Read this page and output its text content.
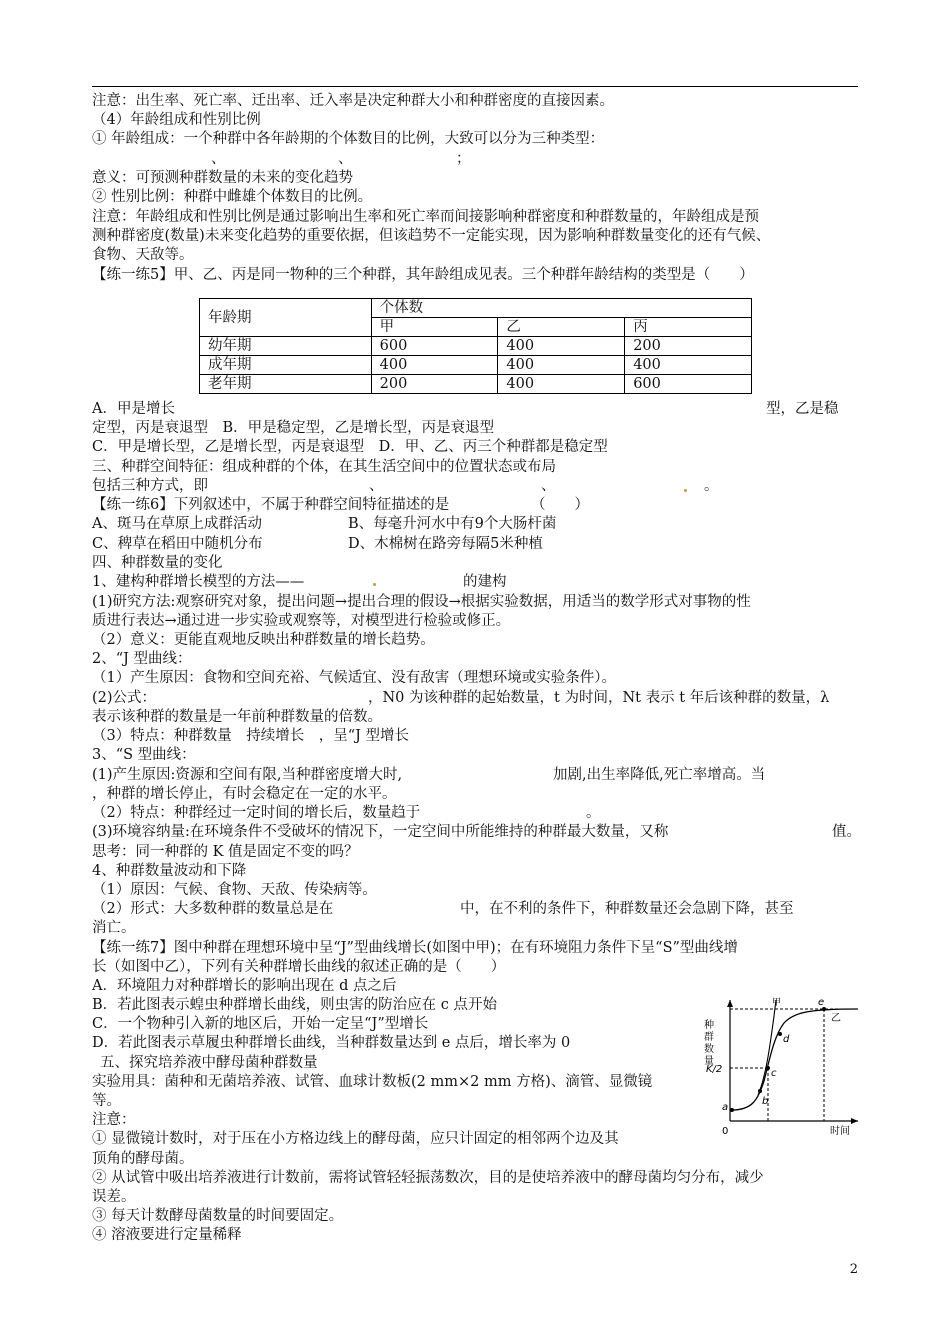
注意：出生率、死亡率、迁出率、迁入率是决定种群大小和种群密度的直接因素。
（4）年龄组成和性别比例
① 年龄组成：一个种群中各年龄期的个体数目的比例，大致可以分为三种类型：
、	、	；
意义：可预测种群数量的未来的变化趋势
② 性别比例：种群中雌雄个体数目的比例。
注意：年龄组成和性别比例是通过影响出生率和死亡率而间接影响种群密度和种群数量的，年龄组成是预
测种群密度(数量)未来变化趋势的重要依据，但该趋势不一定能实现，因为影响种群数量变化的还有气候、
食物、天敌等。
【练一练5】甲、乙、丙是同一物种的三个种群，其年龄组成见表。三个种群年龄结构的类型是（　　）
年龄期	个体数		
	甲	乙	丙
幼年期	600	400	200
成年期	400	400	400
老年期	200	400	600
A．甲是增长	型，乙是稳
定型，丙是衰退型　B．甲是稳定型，乙是增长型，丙是衰退型
C．甲是增长型，乙是增长型，丙是衰退型　D．甲、乙、丙三个种群都是稳定型
三、种群空间特征：组成种群的个体，在其生活空间中的位置状态或布局
包括三种方式，即	、	、	。
【练一练6】下列叙述中，不属于种群空间特征描述的是	（　　）
A、斑马在草原上成群活动	B、每毫升河水中有9个大肠杆菌
C、稗草在稻田中随机分布	D、木棉树在路旁每隔5米种植
四、种群数量的变化
1、建构种群增长模型的方法——	的建构
(1)研究方法:观察研究对象，提出问题→提出合理的假设→根据实验数据，用适当的数学形式对事物的性
质进行表达→通过进一步实验或观察等，对模型进行检验或修正。
（2）意义：更能直观地反映出种群数量的增长趋势。
2、“J 型曲线：
（1）产生原因：食物和空间充裕、气候适宜、没有敌害（理想环境或实验条件）。
(2)公式：	，N0 为该种群的起始数量，t 为时间，Nt 表示 t 年后该种群的数量，λ
表示该种群的数量是一年前种群数量的倍数。
（3）特点：种群数量　持续增长　，呈“J 型增长
3、“S 型曲线：
(1)产生原因:资源和空间有限,当种群密度增大时,	加剧,出生率降低,死亡率增高。当
，种群的增长停止，有时会稳定在一定的水平。
（2）特点：种群经过一定时间的增长后，数量趋于	。
(3)环境容纳量:在环境条件不受破坏的情况下，一定空间中所能维持的种群最大数量，又称	值。
思考：同一种群的 K 值是固定不变的吗？
4、种群数量波动和下降
（1）原因：气候、食物、天敌、传染病等。
（2）形式：大多数种群的数量总是在	中，在不利的条件下，种群数量还会急剧下降，甚至
消亡。
【练一练7】图中种群在理想环境中呈“J”型曲线增长(如图中甲)；在有环境阻力条件下呈“S”型曲线增
长（如图中乙），下列有关种群增长曲线的叙述正确的是（　　）
A．环境阻力对种群增长的影响出现在 d 点之后
B．若此图表示蝗虫种群增长曲线，则虫害的防治应在 c 点开始
C．一个物种引入新的地区后，开始一定呈“J”型增长
D．若此图表示草履虫种群增长曲线，当种群数量达到 e 点后，增长率为 0
五、探究培养液中酵母菌种群数量
实验用具：菌种和无菌培养液、试管、血球计数板(2 mm×2 mm 方格)、滴管、显微镜
等。
注意：
① 显微镜计数时，对于压在小方格边线上的酵母菌，应只计固定的相邻两个边及其
顶角的酵母菌。
② 从试管中吸出培养液进行计数前，需将试管轻轻振荡数次，目的是使培养液中的酵母菌均匀分布，减少
误差。
③ 每天计数酵母菌数量的时间要固定。
④ 溶液要进行定量稀释
种群数量
时间
K/2
0
甲
乙
a
b
c
d
e
2
